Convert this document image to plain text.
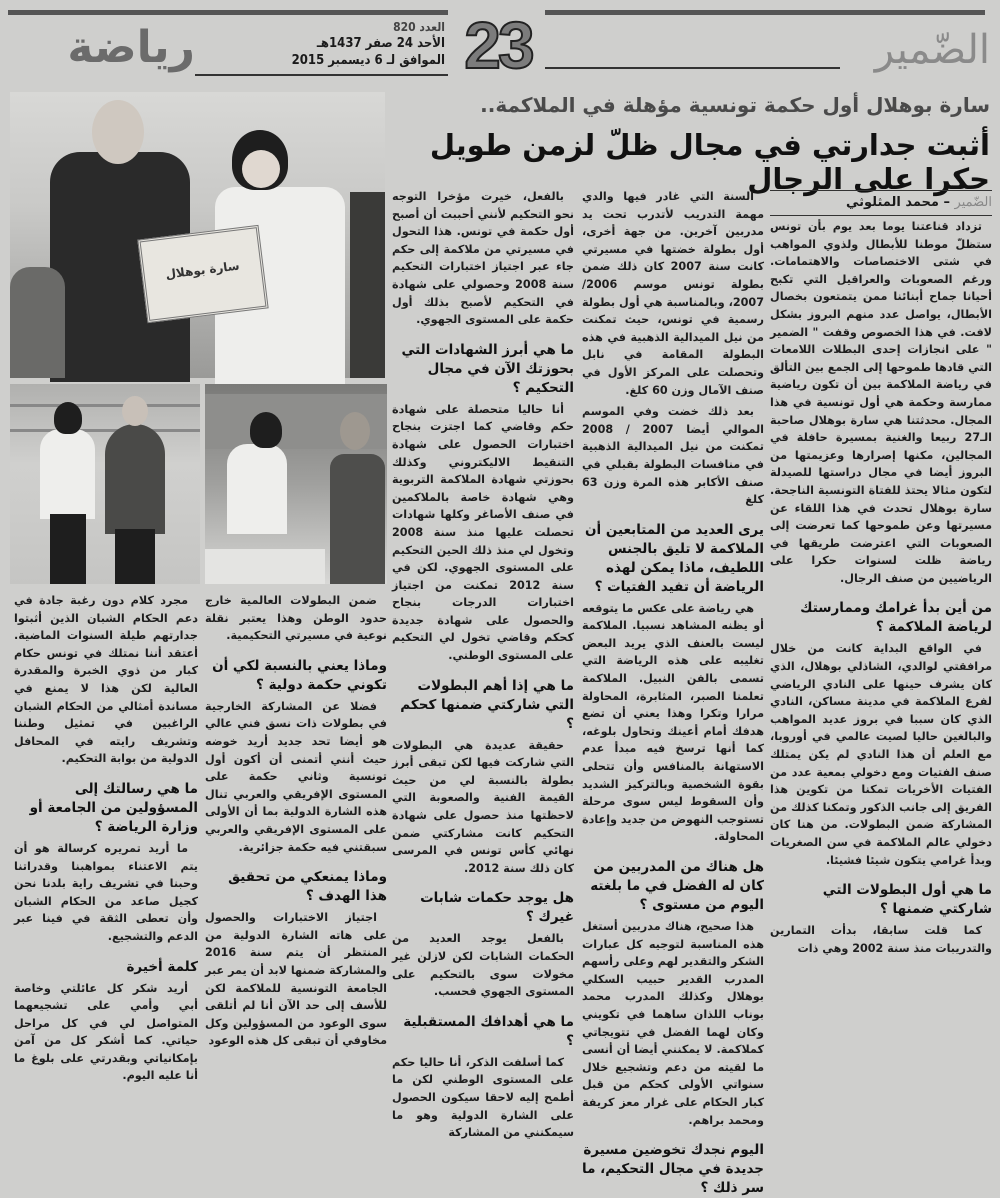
رياضة	العدد 820
الأحد 24 صفر 1437هـ
الموافق لـ 6 ديسمبر 2015 23	الضّمير
سارة بوهلال
سارة بوهلال أول حكمة تونسية مؤهلة في الملاكمة..
أثبت جدارتي في مجال ظلّ لزمن طويل حكرا على الرجال
الضّمير – محمد المثلوثي

تزداد قناعتنا يوما بعد يوم بأن تونس ستظلّ موطنا للأبطال ولذوي المواهب في شتى الاختصاصات والاهتمامات. ورغم الصعوبات والعراقيل التي تكبح أحيانا جماح أبنائنا ممن يتمتعون بخصال الأبطال، يواصل عدد منهم البروز بشكل لافت. في هذا الخصوص وقفت " الضمير " على انجازات إحدى البطلات اللامعات التي قادها طموحها إلى الجمع بين التألق في رياضة الملاكمة بين أن تكون رياضية ممارسة وحكمة هي أول تونسية في هذا المجال. محدثتنا هي سارة بوهلال صاحبة الـ27 ربيعا والغنية بمسيرة حافلة في المجالين، مكنها إصرارها وعزيمتها من البروز أيضا في مجال دراستها للصيدلة لتكون مثالا يحتذ للفتاة التونسية الناجحة. سارة بوهلال تحدث في هذا اللقاء عن مسيرتها وعن طموحها كما تعرضت إلى الصعوبات التي اعترضت طريقها في رياضة ظلت لسنوات حكرا على الرياضيين من صنف الرجال.

من أين بدأ غرامك وممارستك لرياضة الملاكمة ؟

في الواقع البداية كانت من خلال مرافقتي لوالدي، الشاذلي بوهلال، الذي كان يشرف حينها على النادي الرياضي لفرع الملاكمة في مدينة مساكن، النادي الذي كان سببا في بروز عديد المواهب والبالغين حاليا لصيت عالمي في أوروبا، مع العلم أن هذا النادي لم يكن يمتلك صنف الفتيات ومع دخولي بمعية عدد من الفتيات الأخريات تمكنا من تكوين هذا الفريق إلى جانب الذكور وتمكنا كذلك من المشاركة ضمن البطولات. من هنا كان دخولي عالم الملاكمة في سن الصغريات وبدأ غرامي يتكون شيئا فشيئا.

ما هي أول البطولات التي شاركتي ضمنها ؟

كما قلت سابقا، بدأت التمارين والتدريبات منذ سنة 2002 وهي ذات

السنة التي غادر فيها والدي مهمة التدريب لأتدرب تحت يد مدربين آخرين. من جهة أخرى، أول بطولة خضتها في مسيرتي كانت سنة 2007 كان ذلك ضمن بطولة تونس موسم 2006/ 2007، وبالمناسبة هي أول بطولة رسمية في تونس، حيث تمكنت من نيل الميدالية الذهبية في هذه البطولة المقامة في نابل وتحصلت على المركز الأول في صنف الآمال وزن 60 كلغ.

بعد ذلك خضت وفي الموسم الموالي أيضا 2007 / 2008 تمكنت من نيل الميدالية الذهبية في منافسات البطولة بقبلي في صنف الأكابر هذه المرة وزن 63 كلغ

يرى العديد من المتابعين أن الملاكمة لا تليق بالجنس اللطيف، ماذا يمكن لهذه الرياضة أن تفيد الفتيات ؟

هي رياضة على عكس ما يتوقعه أو يظنه المشاهد نسبيا. الملاكمة ليست بالعنف الذي يريد البعض تغليبه على هذه الرياضة التي تسمى بالفن النبيل. الملاكمة تعلمنا الصبر، المثابرة، المحاولة مرارا وتكرا وهذا يعني أن تضع هدفك أمام أعينك وتحاول بلوغه، كما أنها ترسخ فيه مبدأ عدم الاستهانة بالمنافس وأن تتحلى بقوة الشخصية وبالتركيز الشديد وأن السقوط ليس سوى مرحلة تستوجب النهوض من جديد وإعادة المحاولة.

هل هناك من المدربين من كان له الفضل في ما بلغته اليوم من مستوى ؟

هذا صحيح، هناك مدربين أستغل هذه المناسبة لتوجيه كل عبارات الشكر والتقدير لهم وعلى رأسهم المدرب القدير حبيب السكلي بوهلال وكذلك المدرب محمد بوناب اللذان ساهما في تكويني وكان لهما الفضل في تتويجاتي كملاكمة. لا يمكنني أيضا أن أنسى ما لقيته من دعم وتشجيع خلال سنواتي الأولى كحكم من قبل كبار الحكام على غرار معز كريفة ومحمد براهم.

اليوم نجدك تخوضين مسيرة جديدة في مجال التحكيم، ما سر ذلك ؟

بالفعل، خيرت مؤخرا التوجه نحو التحكيم لأنني أحببت أن أصبح أول حكمة في تونس. هذا التحول في مسيرتي من ملاكمة إلى حكم جاء عبر اجتياز اختبارات التحكيم سنة 2008 وحصولي على شهادة في التحكيم لأصبح بذلك أول حكمة على المستوى الجهوي.

ما هي أبرز الشهادات التي بحوزتك الآن في مجال التحكيم ؟

أنا حاليا متحصلة على شهادة حكم وقاضي كما اجتزت بنجاح اختبارات الحصول على شهادة التنقيط الاليكتروني وكذلك بحوزتي شهادة الملاكمة التربوية وهي شهادة خاصة بالملاكمين في صنف الأصاغر وكلها شهادات تحصلت عليها منذ سنة 2008 وتخول لي منذ ذلك الحين التحكيم على المستوى الجهوي. لكن في سنة 2012 تمكنت من اجتياز اختبارات الدرجات بنجاح والحصول على شهادة جديدة كحكم وقاضي تخول لي التحكيم على المستوى الوطني.

ما هي إذا أهم البطولات التي شاركتي ضمنها كحكم ؟

حقيقة عديدة هي البطولات التي شاركت فيها لكن تبقى أبرز بطولة بالنسبة لي من حيث القيمة الفنية والصعوبة التي لاحظتها منذ حصول على شهادة التحكيم كانت مشاركتي ضمن نهائي كأس تونس في المرسى كان ذلك سنة 2012.

هل يوجد حكمات شابات غيرك ؟

بالفعل يوجد العديد من الحكمات الشابات لكن لازلن غير مخولات سوى بالتحكيم على المستوى الجهوي فحسب.

ما هي أهدافك المستقبلية ؟

كما أسلفت الذكر، أنا حاليا حكم على المستوى الوطني لكن ما أطمح إليه لاحقا سيكون الحصول على الشارة الدولية وهو ما سيمكنني من المشاركة

ضمن البطولات العالمية خارج حدود الوطن وهذا يعتبر نقلة نوعية في مسيرتي التحكيمية.

وماذا يعني بالنسبة لكي أن تكوني حكمة دولية ؟

فضلا عن المشاركة الخارجية في بطولات ذات نسق فني عالي هو أيضا تحد جديد أريد خوضه حيث أنني أتمنى أن أكون أول تونسية وثاني حكمة على المستوى الإفريقي والعربي تنال هذه الشارة الدولية بما أن الأولى على المستوى الإفريقي والعربي سبقتني فيه حكمة جزائرية.

وماذا يمنعكي من تحقيق هذا الهدف ؟

اجتياز الاختبارات والحصول على هاته الشارة الدولية من المنتظر أن يتم سنة 2016 والمشاركة ضمنها لابد أن يمر عبر الجامعة التونسية للملاكمة لكن للأسف إلى حد الآن أنا لم أتلقى سوى الوعود من المسؤولين وكل مخاوفي أن تبقى كل هذه الوعود

مجرد كلام دون رغبة جادة في دعم الحكام الشبان الذين أثبتوا جدارتهم طيلة السنوات الماضية. أعتقد أننا نمتلك في تونس حكام كبار من ذوي الخبرة والمقدرة العالية لكن هذا لا يمنع في مساندة أمثالي من الحكام الشبان الراغبين في تمثيل وطننا وتشريف رايته في المحافل الدولية من بوابة التحكيم.

ما هي رسالتك إلى المسؤولين من الجامعة أو وزارة الرياضة ؟

ما أريد تمريره كرسالة هو أن يتم الاعتناء بمواهبنا وقدراتنا وحبنا في تشريف راية بلدنا نحن كجيل صاعد من الحكام الشبان وأن تعطى الثقة في فينا عبر الدعم والتشجيع.

كلمة أخيرة

أريد شكر كل عائلتي وخاصة أبي وأمي على تشجيعهما المتواصل لي في كل مراحل حياتي. كما أشكر كل من آمن بإمكانياتي وبقدرتي على بلوغ ما أنا عليه اليوم.
